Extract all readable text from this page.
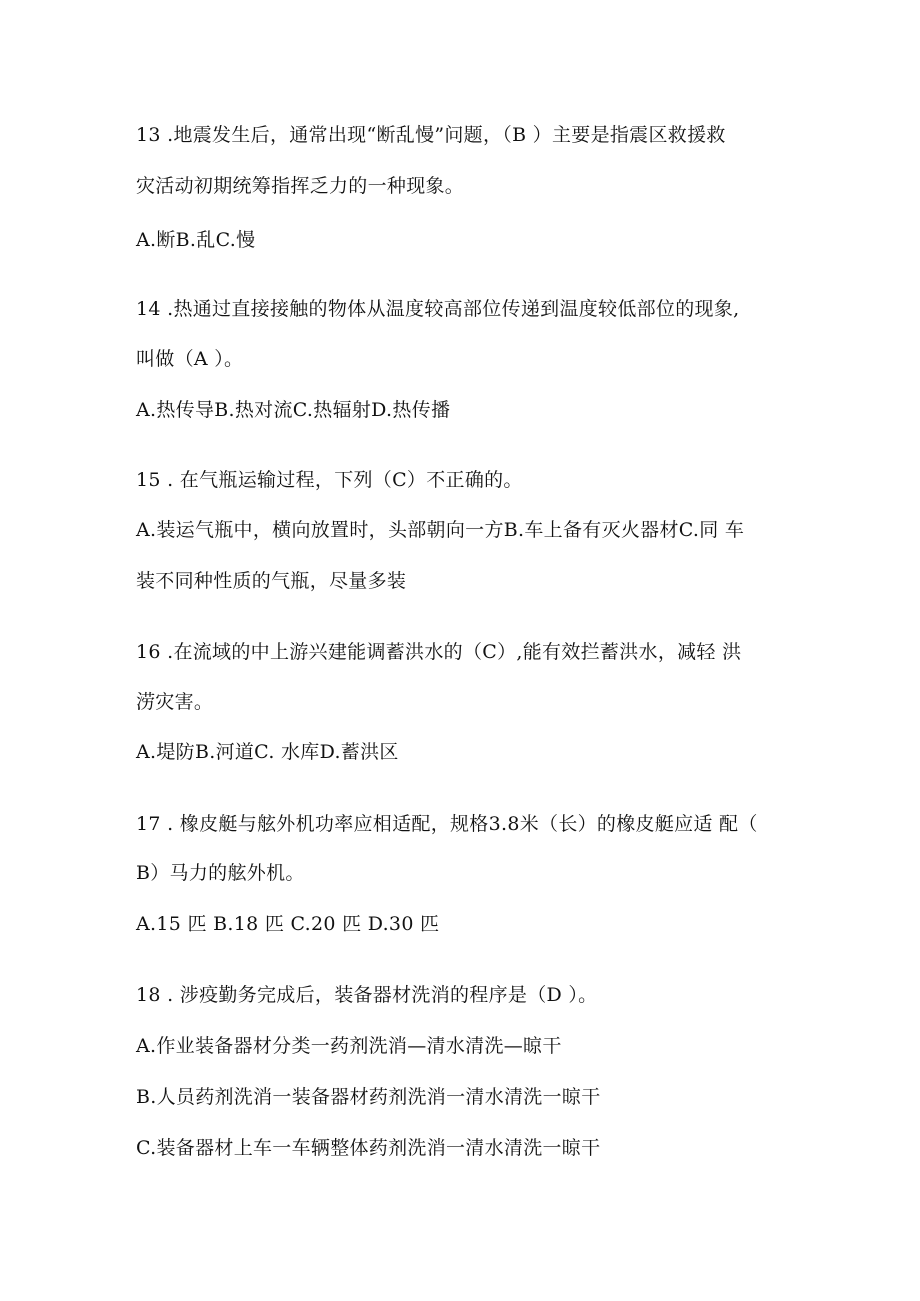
13 .地震发生后，通常出现“断乱慢”问题，（B ）主要是指震区救援救
灾活动初期统筹指挥乏力的一种现象。
A.断B.乱C.慢
14 .热通过直接接触的物体从温度较高部位传递到温度较低部位的现象,
叫做（A ）。
A.热传导B.热对流C.热辐射D.热传播
15 . 在气瓶运输过程，下列（C）不正确的。
A.装运气瓶中，横向放置时，头部朝向一方B.车上备有灭火器材C.同 车
装不同种性质的气瓶，尽量多装
16 .在流域的中上游兴建能调蓄洪水的（C）,能有效拦蓄洪水，减轻 洪
涝灾害。
A.堤防B.河道C. 水库D.蓄洪区
17 . 橡皮艇与舷外机功率应相适配，规格3.8米（长）的橡皮艇应适 配（
B）马力的舷外机。
A.15 匹 B.18 匹 C.20 匹 D.30 匹
18 . 涉疫勤务完成后，装备器材洗消的程序是（D ）。
A.作业装备器材分类一药剂洗消—清水清洗—晾干
B.人员药剂洗消一装备器材药剂洗消一清水清洗一晾干
C.装备器材上车一车辆整体药剂洗消一清水清洗一晾干
